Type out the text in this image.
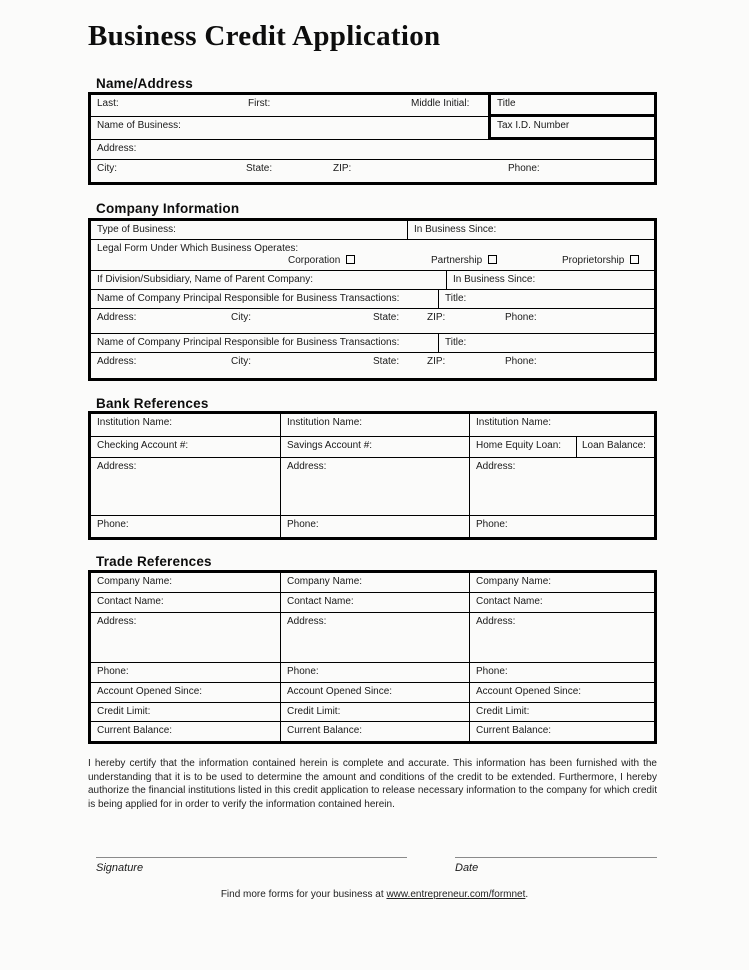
Business Credit Application
Name/Address
Last:	First:	Middle Initial:	Title
Name of Business:	Tax I.D. Number
Address:
City:	State:	ZIP:	Phone:
Company Information
Type of Business:	In Business Since:
Legal Form Under Which Business Operates:
Corporation	Partnership	Proprietorship
If Division/Subsidiary, Name of Parent Company:	In Business Since:
Name of Company Principal Responsible for Business Transactions:	Title:
Address:	City:	State:	ZIP:	Phone:
Name of Company Principal Responsible for Business Transactions:	Title:
Address:	City:	State:	ZIP:	Phone:
Bank References
Institution Name:	Institution Name:	Institution Name:
Checking Account #:	Savings Account #:	Home Equity Loan: Loan Balance:
Address:	Address:	Address:
Phone:	Phone:	Phone:
Trade References
Company Name:	Company Name:	Company Name:
Contact Name:	Contact Name:	Contact Name:
Address:	Address:	Address:
Phone:	Phone:	Phone:
Account Opened Since:	Account Opened Since:	Account Opened Since:
Credit Limit:	Credit Limit:	Credit Limit:
Current Balance:	Current Balance:	Current Balance:
I hereby certify that the information contained herein is complete and accurate. This information has been furnished with the understanding that it is to be used to determine the amount and conditions of the credit to be extended. Furthermore, I hereby authorize the financial institutions listed in this credit application to release necessary information to the company for which credit is being applied for in order to verify the information contained herein.
Signature	Date
Find more forms for your business at www.entrepreneur.com/formnet.
